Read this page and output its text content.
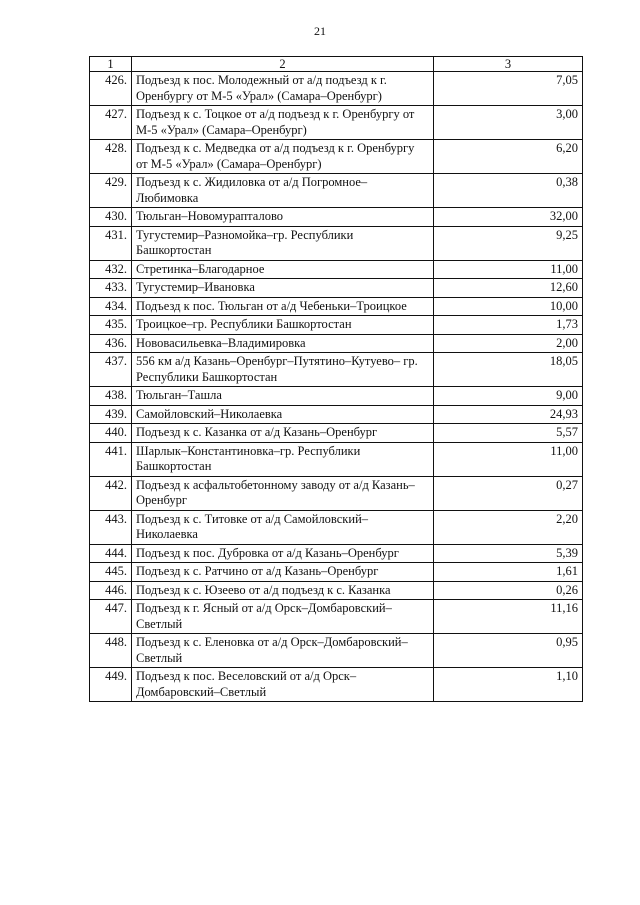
21
1	2	3
426.	Подъезд к пос. Молодежный от а/д подъезд к г. Оренбургу от М-5 «Урал» (Самара–Оренбург)	7,05
427.	Подъезд к с. Тоцкое от а/д подъезд к г. Оренбургу от М-5 «Урал» (Самара–Оренбург)	3,00
428.	Подъезд к с. Медведка от а/д подъезд к г. Оренбургу от М-5 «Урал» (Самара–Оренбург)	6,20
429.	Подъезд к с. Жидиловка от а/д Погромное–Любимовка	0,38
430.	Тюльган–Новомурапталово	32,00
431.	Тугустемир–Разномойка–гр. Республики Башкортостан	9,25
432.	Стретинка–Благодарное	11,00
433.	Тугустемир–Ивановка	12,60
434.	Подъезд к пос. Тюльган от а/д Чебеньки–Троицкое	10,00
435.	Троицкое–гр. Республики Башкортостан	1,73
436.	Нововасильевка–Владимировка	2,00
437.	556 км а/д Казань–Оренбург–Путятино–Кутуево– гр. Республики Башкортостан	18,05
438.	Тюльган–Ташла	9,00
439.	Самойловский–Николаевка	24,93
440.	Подъезд к с. Казанка от а/д Казань–Оренбург	5,57
441.	Шарлык–Константиновка–гр. Республики Башкортостан	11,00
442.	Подъезд к асфальтобетонному заводу от а/д Казань–Оренбург	0,27
443.	Подъезд к с. Титовке от а/д Самойловский–Николаевка	2,20
444.	Подъезд к пос. Дубровка от а/д Казань–Оренбург	5,39
445.	Подъезд к с. Ратчино от а/д Казань–Оренбург	1,61
446.	Подъезд к с. Юзеево от а/д подъезд к с. Казанка	0,26
447.	Подъезд к г. Ясный от а/д Орск–Домбаровский–Светлый	11,16
448.	Подъезд к с. Еленовка от а/д Орск–Домбаровский–Светлый	0,95
449.	Подъезд к пос. Веселовский от а/д Орск–Домбаровский–Светлый	1,10
